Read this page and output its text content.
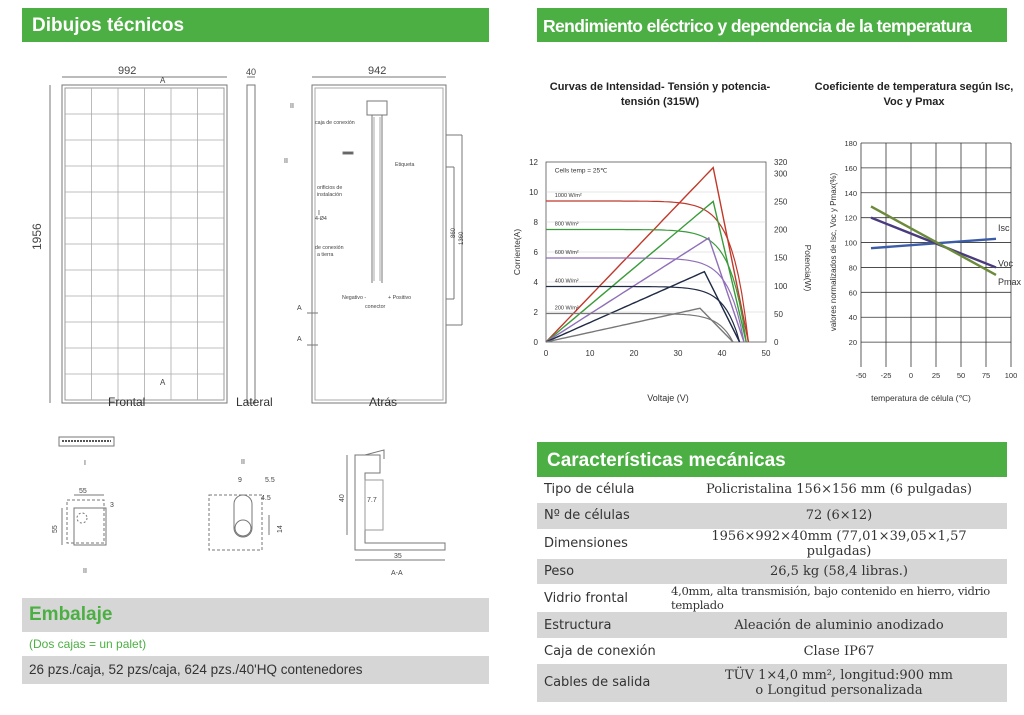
Dibujos técnicos	Rendimiento eléctrico y dependencia de la temperatura
Características mecánicas
992
1956
A
A
40	942
860 1360
II
II
I
A
A
caja de conexión
orificios de
instalación
Etiqueta
4-Ø4
de conexión
a tierra
Negativo -	+ Positivo
conector
I
55
55
3
II
II
9	5.5
4.5
14
40	7.7
35
A-A
Frontal	Lateral	Atrás
Embalaje
(Dos cajas = un palet)
26 pzs./caja, 52 pzs/caja, 624 pzs./40'HQ contenedores
Curvas de Intensidad- Tensión y potencia- tensión (315W)
Coeficiente de temperatura según Isc, Voc y Pmax
0
2
4
6
8
10
12
0	10	20	30	40	50
0
50
100
150
200
250
300
320
Corriente(A)	Potencia(W)
Voltaje (V)
Cells temp = 25℃
1000 W/m²
800 W/m²
600 W/m²
400 W/m²
200 W/m²
-50 -25 0 25 50 75 100
20
40
60
80
100
120
140
160
180
valores normalizados de Isc, Voc y Pmax(%)
temperatura de célula (℃)
Isc
Voc
Pmax
Tipo de célula	Policristalina 156×156 mm (6 pulgadas)
Nº de células	72 (6×12)
Dimensiones	1956×992×40mm (77,01×39,05×1,57 pulgadas)
Peso	26,5 kg (58,4 libras.)
Vidrio frontal	4,0mm, alta transmisión, bajo contenido en hierro, vidrio templado
Estructura	Aleación de aluminio anodizado
Caja de conexión	Clase IP67
Cables de salida	TÜV 1×4,0 mm², longitud:900 mm
o Longitud personalizada
